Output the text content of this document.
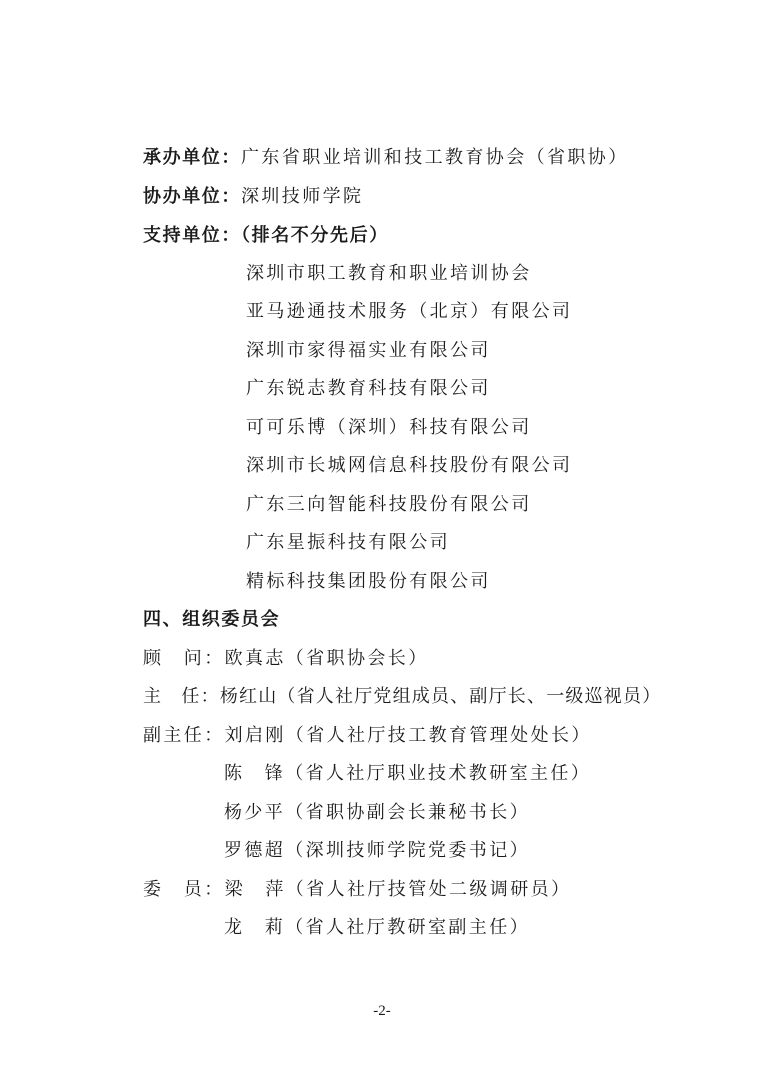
承办单位：广东省职业培训和技工教育协会（省职协）
协办单位：深圳技师学院
支持单位：（排名不分先后）
深圳市职工教育和职业培训协会
亚马逊通技术服务（北京）有限公司
深圳市家得福实业有限公司
广东锐志教育科技有限公司
可可乐博（深圳）科技有限公司
深圳市长城网信息科技股份有限公司
广东三向智能科技股份有限公司
广东星振科技有限公司
精标科技集团股份有限公司
四、组织委员会
顾　问：欧真志（省职协会长）
主　任：杨红山（省人社厅党组成员、副厅长、一级巡视员）
副主任：刘启刚（省人社厅技工教育管理处处长）
陈　锋（省人社厅职业技术教研室主任）
杨少平（省职协副会长兼秘书长）
罗德超（深圳技师学院党委书记）
委　员：梁　萍（省人社厅技管处二级调研员）
龙　莉（省人社厅教研室副主任）
-2-
